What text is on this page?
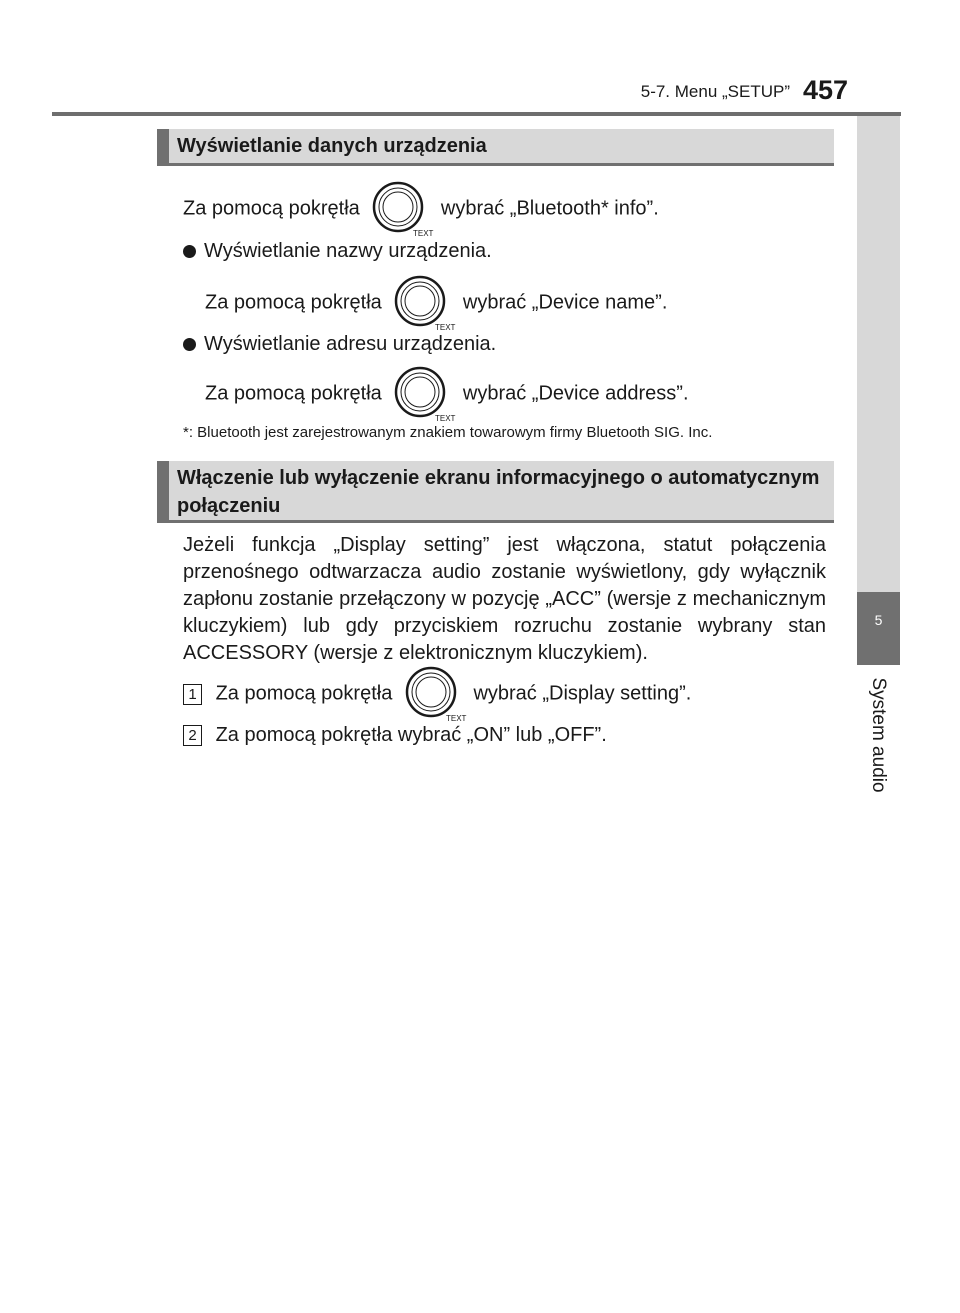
5-7. Menu „SETUP” 457
5
System audio
Wyświetlanie danych urządzenia
Za pomocą pokrętła
TEXT
wybrać „Bluetooth* info”.
Wyświetlanie nazwy urządzenia.
Za pomocą pokrętła
TEXT
wybrać „Device name”.
Wyświetlanie adresu urządzenia.
Za pomocą pokrętła
TEXT
wybrać „Device address”.
*: Bluetooth jest zarejestrowanym znakiem towarowym firmy Bluetooth SIG. Inc.
Włączenie lub wyłączenie ekranu informacyjnego o automatycznym połączeniu
Jeżeli funkcja „Display setting” jest włączona, statut połączenia przenośnego odtwarzacza audio zostanie wyświetlony, gdy wyłącznik zapłonu zostanie przełączony w pozycję „ACC” (wersje z mechanicznym kluczykiem) lub gdy przyciskiem rozruchu zostanie wybrany stan ACCESSORY (wersje z elektronicznym kluczykiem).
1 Za pomocą pokrętła
TEXT
wybrać „Display setting”.
2 Za pomocą pokrętła wybrać „ON” lub „OFF”.
